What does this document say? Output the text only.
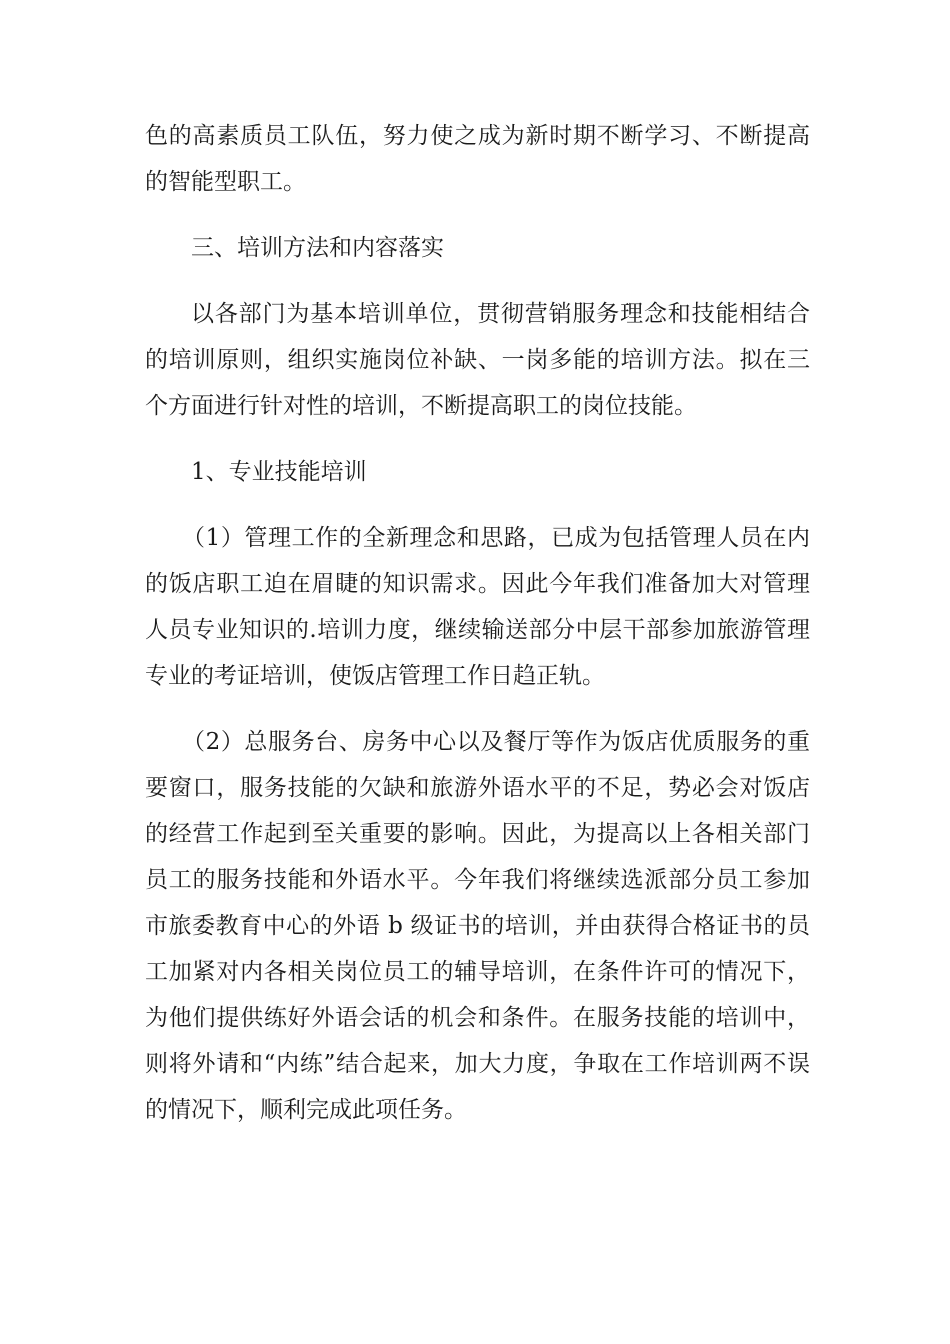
色的高素质员工队伍，努力使之成为新时期不断学习、不断提高的智能型职工。

三、培训方法和内容落实

以各部门为基本培训单位，贯彻营销服务理念和技能相结合的培训原则，组织实施岗位补缺、一岗多能的培训方法。拟在三个方面进行针对性的培训，不断提高职工的岗位技能。

1、专业技能培训

（1）管理工作的全新理念和思路，已成为包括管理人员在内的饭店职工迫在眉睫的知识需求。因此今年我们准备加大对管理人员专业知识的.培训力度，继续输送部分中层干部参加旅游管理专业的考证培训，使饭店管理工作日趋正轨。

（2）总服务台、房务中心以及餐厅等作为饭店优质服务的重要窗口，服务技能的欠缺和旅游外语水平的不足，势必会对饭店的经营工作起到至关重要的影响。因此，为提高以上各相关部门员工的服务技能和外语水平。今年我们将继续选派部分员工参加市旅委教育中心的外语 b 级证书的培训，并由获得合格证书的员工加紧对内各相关岗位员工的辅导培训，在条件许可的情况下，为他们提供练好外语会话的机会和条件。在服务技能的培训中，则将外请和“内练”结合起来，加大力度，争取在工作培训两不误的情况下，顺利完成此项任务。
